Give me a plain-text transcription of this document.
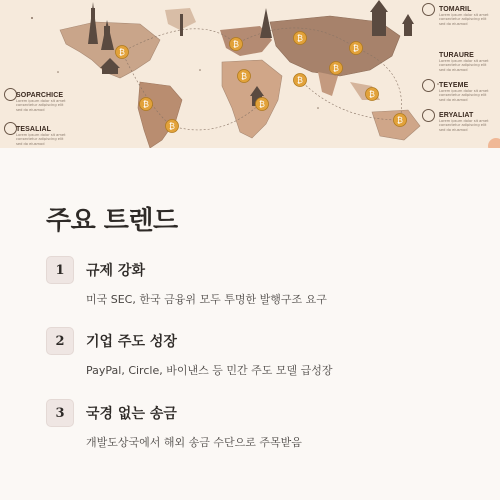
₿
₿
₿
₿
₿
₿
₿
₿
₿
₿
₿
₿
SOPARCHICE
Lorem ipsum dolor sit amet consectetur adipiscing elit sed do eiusmod
TESALIAL
Lorem ipsum dolor sit amet consectetur adipiscing elit sed do eiusmod
TOMARIL
Lorem ipsum dolor sit amet consectetur adipiscing elit sed do eiusmod
TURAURE
Lorem ipsum dolor sit amet consectetur adipiscing elit sed do eiusmod
TEYEME
Lorem ipsum dolor sit amet consectetur adipiscing elit sed do eiusmod
ERYALIAT
Lorem ipsum dolor sit amet consectetur adipiscing elit sed do eiusmod
주요 트렌드
1	규제 강화
미국 SEC, 한국 금융위 모두 투명한 발행구조 요구
2	기업 주도 성장
PayPal, Circle, 바이낸스 등 민간 주도 모델 급성장
3	국경 없는 송금
개발도상국에서 해외 송금 수단으로 주목받음
